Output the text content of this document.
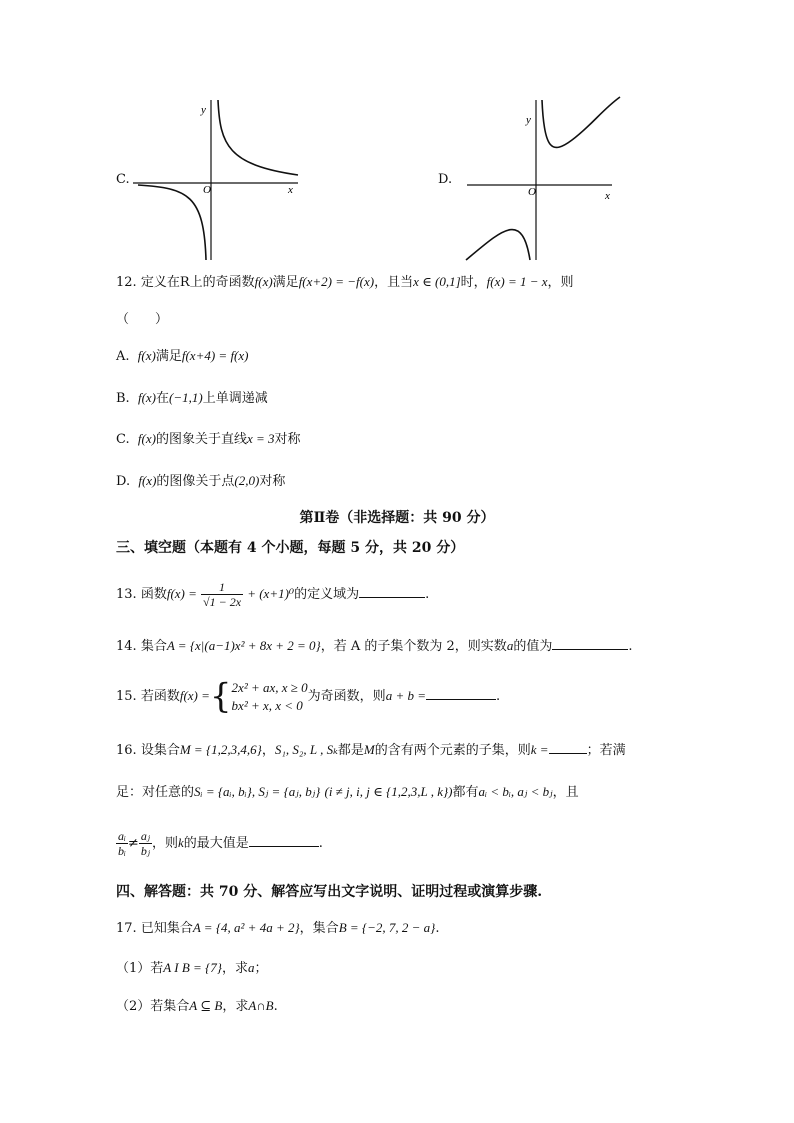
C.
y
x
O
D.
y
x
O
12. 定义在R上的奇函数f(x)满足f(x+2) = −f(x)，且当x ∈ (0,1]时，f(x) = 1 − x，则
（　　）
A. f(x)满足f(x+4) = f(x)
B. f(x)在(−1,1)上单调递减
C. f(x)的图象关于直线x = 3对称
D. f(x)的图像关于点(2,0)对称
第Ⅱ卷（非选择题：共 90 分）
三、填空题（本题有 4 个小题，每题 5 分，共 20 分）
13. 函数$f(x) = \frac{1}{√1 - 2x} + (x+1)^0$的定义域为	.
14. 集合A = {x|(a−1)x² + 8x + 2 = 0}，若 A 的子集个数为 2，则实数a的值为	.
15. 若函数f(x) ={ 2x² + ax, x ≥ 0
bx² + x, x < 0
为奇函数，则a + b =	.
16. 设集合M = {1,2,3,4,6}，S₁, S₂, L , Sₖ都是M的含有两个元素的子集，则k =	；若满
足：对任意的Sᵢ = {aᵢ, bᵢ}, Sⱼ = {aⱼ, bⱼ} (i ≠ j, i, j ∈ {1,2,3,L , k})都有aᵢ < bᵢ, aⱼ < bⱼ，且
$\frac{\text{aᵢ}}{\text{bᵢ}} \ne \frac{\text{aⱼ}}{\text{bⱼ}}$ ，则k的最大值是	.
四、解答题：共 70 分、解答应写出文字说明、证明过程或演算步骤.
17. 已知集合A = {4, a² + 4a + 2}，集合B = {−2, 7, 2 − a}.
（1）若A I B = {7}，求a；
（2）若集合A ⊆ B，求A∩B.
